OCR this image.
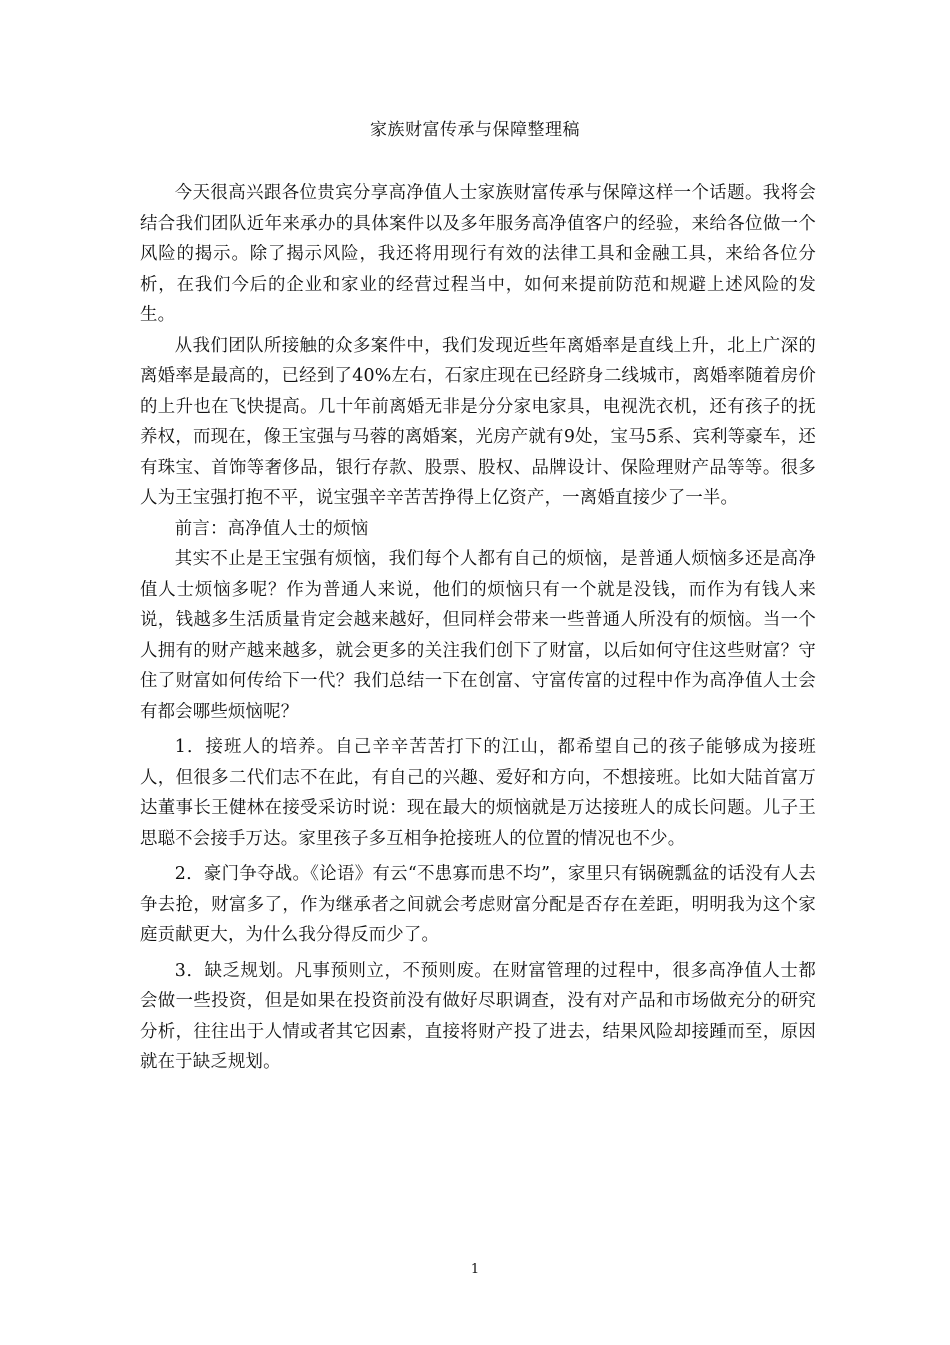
家族财富传承与保障整理稿

今天很高兴跟各位贵宾分享高净值人士家族财富传承与保障这样一个话题。我将会结合我们团队近年来承办的具体案件以及多年服务高净值客户的经验，来给各位做一个风险的揭示。除了揭示风险，我还将用现行有效的法律工具和金融工具，来给各位分析，在我们今后的企业和家业的经营过程当中，如何来提前防范和规避上述风险的发生。

从我们团队所接触的众多案件中，我们发现近些年离婚率是直线上升，北上广深的离婚率是最高的，已经到了40%左右，石家庄现在已经跻身二线城市，离婚率随着房价的上升也在飞快提高。几十年前离婚无非是分分家电家具，电视洗衣机，还有孩子的抚养权，而现在，像王宝强与马蓉的离婚案，光房产就有9处，宝马5系、宾利等豪车，还有珠宝、首饰等奢侈品，银行存款、股票、股权、品牌设计、保险理财产品等等。很多人为王宝强打抱不平，说宝强辛辛苦苦挣得上亿资产，一离婚直接少了一半。

前言：高净值人士的烦恼

其实不止是王宝强有烦恼，我们每个人都有自己的烦恼，是普通人烦恼多还是高净值人士烦恼多呢？作为普通人来说，他们的烦恼只有一个就是没钱，而作为有钱人来说，钱越多生活质量肯定会越来越好，但同样会带来一些普通人所没有的烦恼。当一个人拥有的财产越来越多，就会更多的关注我们创下了财富，以后如何守住这些财富？守住了财富如何传给下一代？我们总结一下在创富、守富传富的过程中作为高净值人士会有都会哪些烦恼呢？

1．接班人的培养。自己辛辛苦苦打下的江山，都希望自己的孩子能够成为接班人，但很多二代们志不在此，有自己的兴趣、爱好和方向，不想接班。比如大陆首富万达董事长王健林在接受采访时说：现在最大的烦恼就是万达接班人的成长问题。儿子王思聪不会接手万达。家里孩子多互相争抢接班人的位置的情况也不少。

2．豪门争夺战。《论语》有云“不患寡而患不均”，家里只有锅碗瓢盆的话没有人去争去抢，财富多了，作为继承者之间就会考虑财富分配是否存在差距，明明我为这个家庭贡献更大，为什么我分得反而少了。

3．缺乏规划。凡事预则立，不预则废。在财富管理的过程中，很多高净值人士都会做一些投资，但是如果在投资前没有做好尽职调查，没有对产品和市场做充分的研究分析，往往出于人情或者其它因素，直接将财产投了进去，结果风险却接踵而至，原因就在于缺乏规划。

1
